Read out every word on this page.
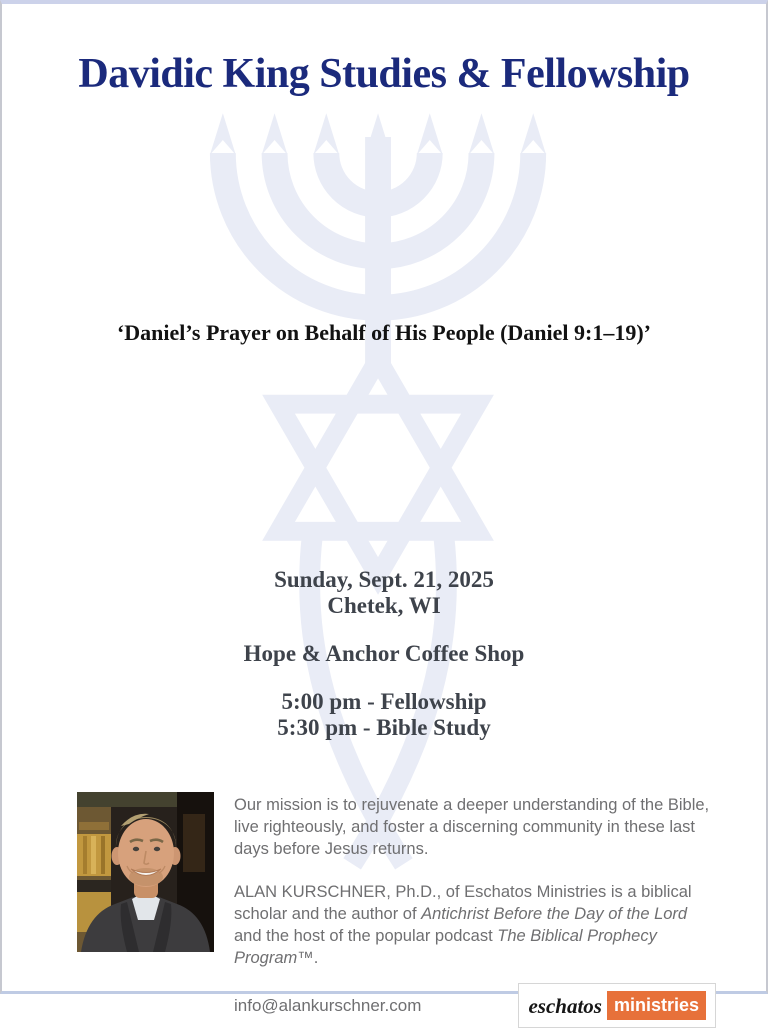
Davidic King Studies & Fellowship
‘Daniel’s Prayer on Behalf of His People (Daniel 9:1–19)’
Sunday, Sept. 21, 2025
Chetek, WI
Hope & Anchor Coffee Shop
5:00 pm - Fellowship
5:30 pm - Bible Study

Our mission is to rejuvenate a deeper understanding of the Bible, live righteously, and foster a discerning community in these last days before Jesus returns.

ALAN KURSCHNER, Ph.D., of Eschatos Ministries is a biblical scholar and the author of Antichrist Before the Day of the Lord and the host of the popular podcast The Biblical Prophecy Program™.

info@alankurschner.com	eschatos ministries
